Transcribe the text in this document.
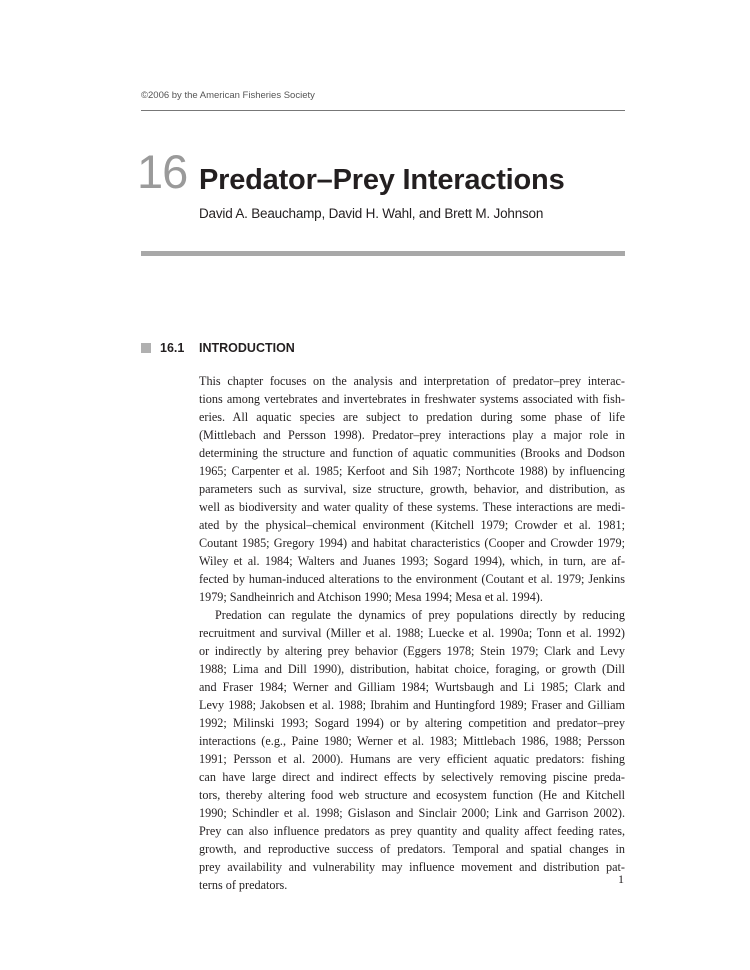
©2006 by the American Fisheries Society
16 Predator–Prey Interactions
David A. Beauchamp, David H. Wahl, and Brett M. Johnson
16.1 INTRODUCTION
This chapter focuses on the analysis and interpretation of predator–prey interac-
tions among vertebrates and invertebrates in freshwater systems associated with fish-
eries. All aquatic species are subject to predation during some phase of life
(Mittlebach and Persson 1998). Predator–prey interactions play a major role in
determining the structure and function of aquatic communities (Brooks and Dodson
1965; Carpenter et al. 1985; Kerfoot and Sih 1987; Northcote 1988) by influencing
parameters such as survival, size structure, growth, behavior, and distribution, as
well as biodiversity and water quality of these systems. These interactions are medi-
ated by the physical–chemical environment (Kitchell 1979; Crowder et al. 1981;
Coutant 1985; Gregory 1994) and habitat characteristics (Cooper and Crowder 1979;
Wiley et al. 1984; Walters and Juanes 1993; Sogard 1994), which, in turn, are af-
fected by human-induced alterations to the environment (Coutant et al. 1979; Jenkins
1979; Sandheinrich and Atchison 1990; Mesa 1994; Mesa et al. 1994).
Predation can regulate the dynamics of prey populations directly by reducing
recruitment and survival (Miller et al. 1988; Luecke et al. 1990a; Tonn et al. 1992)
or indirectly by altering prey behavior (Eggers 1978; Stein 1979; Clark and Levy
1988; Lima and Dill 1990), distribution, habitat choice, foraging, or growth (Dill
and Fraser 1984; Werner and Gilliam 1984; Wurtsbaugh and Li 1985; Clark and
Levy 1988; Jakobsen et al. 1988; Ibrahim and Huntingford 1989; Fraser and Gilliam
1992; Milinski 1993; Sogard 1994) or by altering competition and predator–prey
interactions (e.g., Paine 1980; Werner et al. 1983; Mittlebach 1986, 1988; Persson
1991; Persson et al. 2000). Humans are very efficient aquatic predators: fishing
can have large direct and indirect effects by selectively removing piscine preda-
tors, thereby altering food web structure and ecosystem function (He and Kitchell
1990; Schindler et al. 1998; Gislason and Sinclair 2000; Link and Garrison 2002).
Prey can also influence predators as prey quantity and quality affect feeding rates,
growth, and reproductive success of predators. Temporal and spatial changes in
prey availability and vulnerability may influence movement and distribution pat-
terns of predators.	1
